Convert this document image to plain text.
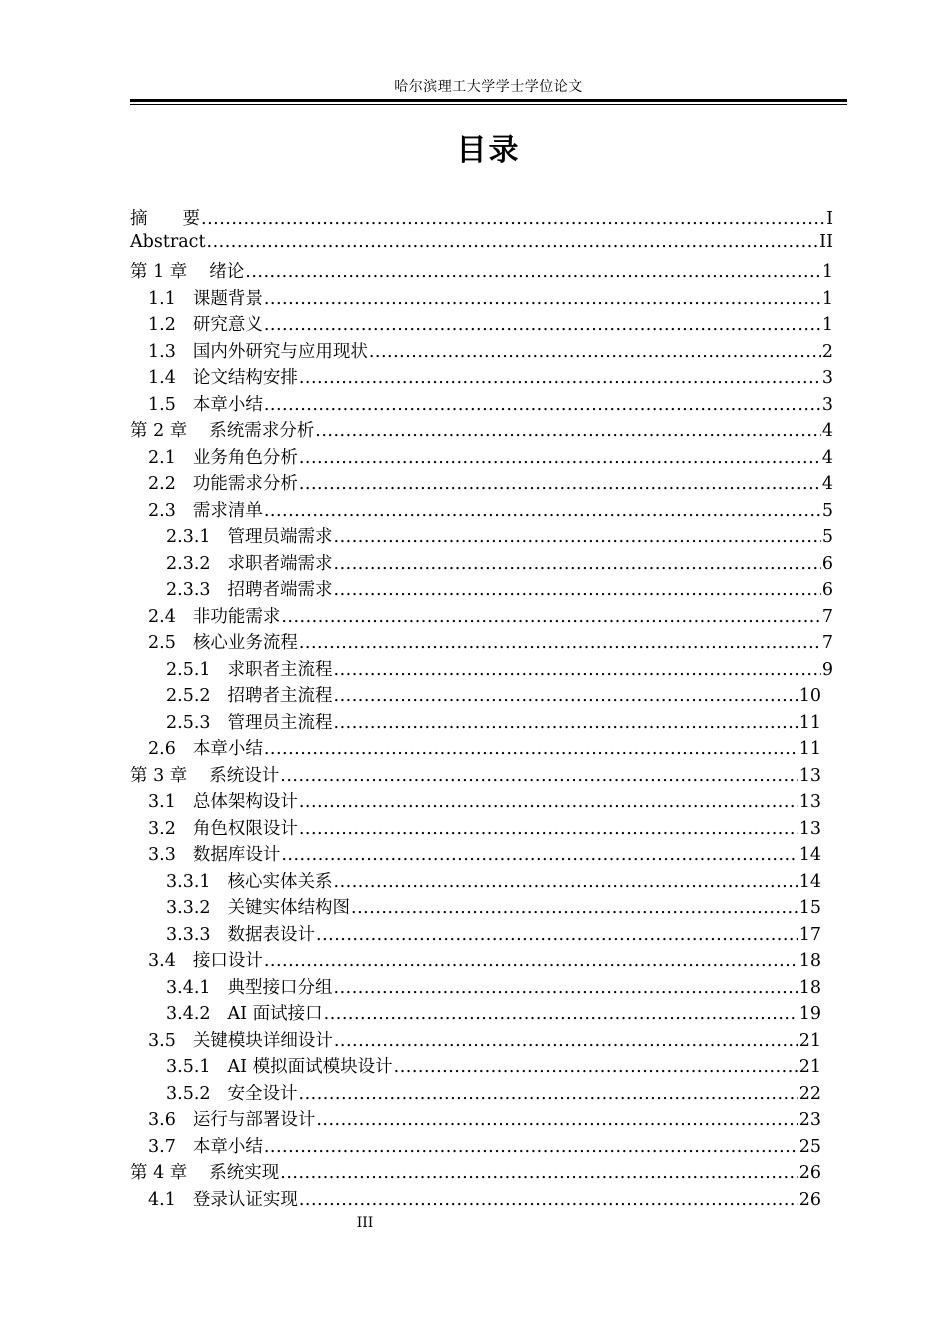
哈尔滨理工大学学士学位论文
目录
摘　　要 .....	I
Abstract .....	II
第 1 章 绪论 .....	1
1.1 课题背景 .....	1
1.2 研究意义 .....	1
1.3 国内外研究与应用现状 .....	2
1.4 论文结构安排 .....	3
1.5 本章小结 .....	3
第 2 章 系统需求分析 .....	4
2.1 业务角色分析 .....	4
2.2 功能需求分析 .....	4
2.3 需求清单 .....	5
2.3.1 管理员端需求 .....	5
2.3.2 求职者端需求 .....	6
2.3.3 招聘者端需求 .....	6
2.4 非功能需求 .....	7
2.5 核心业务流程 .....	7
2.5.1 求职者主流程 .....	9
2.5.2 招聘者主流程 .....	10
2.5.3 管理员主流程 .....	11
2.6 本章小结 .....	11
第 3 章 系统设计 .....	13
3.1 总体架构设计 .....	13
3.2 角色权限设计 .....	13
3.3 数据库设计 .....	14
3.3.1 核心实体关系 .....	14
3.3.2 关键实体结构图 .....	15
3.3.3 数据表设计 .....	17
3.4 接口设计 .....	18
3.4.1 典型接口分组 .....	18
3.4.2 AI 面试接口 .....	19
3.5 关键模块详细设计 .....	21
3.5.1 AI 模拟面试模块设计 .....	21
3.5.2 安全设计 .....	22
3.6 运行与部署设计 .....	23
3.7 本章小结 .....	25
第 4 章 系统实现 .....	26
4.1 登录认证实现 .....	26
III
